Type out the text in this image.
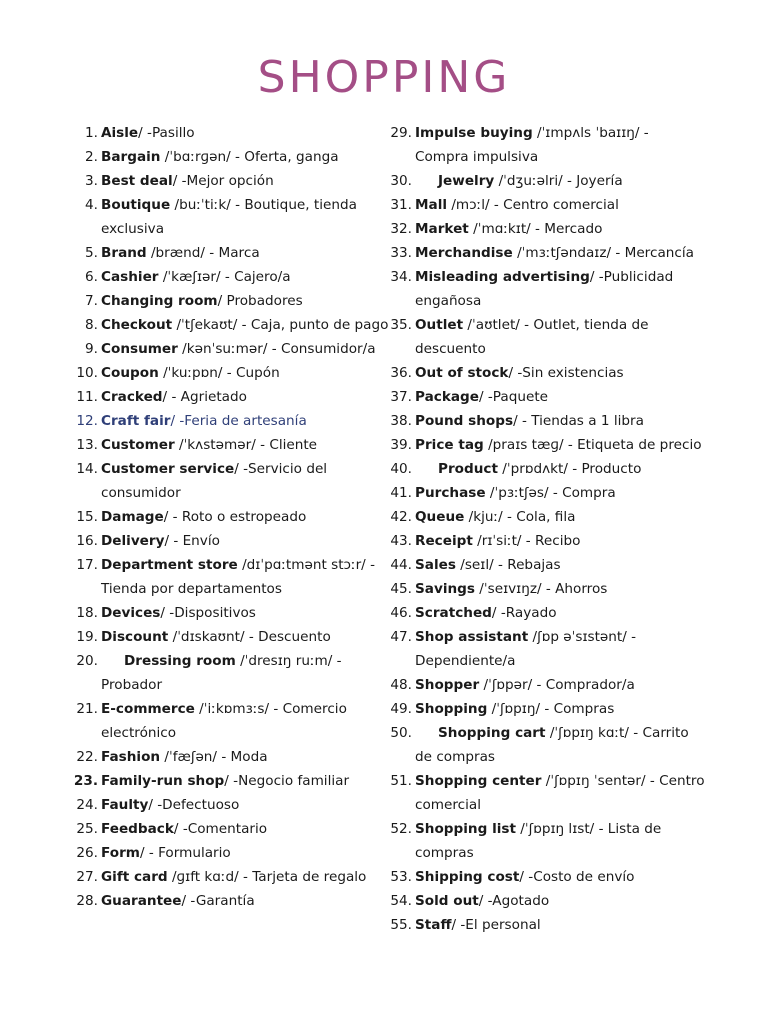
SHOPPING
1. Aisle/ -Pasillo
2. Bargain /ˈbɑːrɡən/ - Oferta, ganga
3. Best deal/ -Mejor opción
4. Boutique /buːˈtiːk/ - Boutique, tienda exclusiva
5. Brand /brænd/ - Marca
6. Cashier /ˈkæʃɪər/ - Cajero/a
7. Changing room/ Probadores
8. Checkout /ˈtʃekaʊt/ - Caja, punto de pago
9. Consumer /kənˈsuːmər/ - Consumidor/a
10. Coupon /ˈkuːpɒn/ - Cupón
11. Cracked/ - Agrietado
12. Craft fair/ -Feria de artesanía
13. Customer /ˈkʌstəmər/ - Cliente
14. Customer service/ -Servicio del consumidor
15. Damage/ - Roto o estropeado
16. Delivery/ - Envío
17. Department store /dɪˈpɑːtmənt stɔːr/ - Tienda por departamentos
18. Devices/ -Dispositivos
19. Discount /ˈdɪskaʊnt/ - Descuento
20.	Dressing room /ˈdresɪŋ ruːm/ - Probador
21. E-commerce /ˈiːkɒmɜːs/ - Comercio electrónico
22. Fashion /ˈfæʃən/ - Moda
23. Family-run shop/ -Negocio familiar
24. Faulty/ -Defectuoso
25. Feedback/ -Comentario
26. Form/ - Formulario
27. Gift card /ɡɪft kɑːd/ - Tarjeta de regalo
28. Guarantee/ -Garantía
29. Impulse buying /ˈɪmpʌls ˈbaɪɪŋ/ - Compra impulsiva
30.	Jewelry /ˈdʒuːəlri/ - Joyería
31. Mall /mɔːl/ - Centro comercial
32. Market /ˈmɑːkɪt/ - Mercado
33. Merchandise /ˈmɜːtʃəndaɪz/ - Mercancía
34. Misleading advertising/ -Publicidad engañosa
35. Outlet /ˈaʊtlet/ - Outlet, tienda de descuento
36. Out of stock/ -Sin existencias
37. Package/ -Paquete
38. Pound shops/ - Tiendas a 1 libra
39. Price tag /praɪs tæɡ/ - Etiqueta de precio
40.	Product /ˈprɒdʌkt/ - Producto
41. Purchase /ˈpɜːtʃəs/ - Compra
42. Queue /kjuː/ - Cola, fila
43. Receipt /rɪˈsiːt/ - Recibo
44. Sales /seɪl/ - Rebajas
45. Savings /ˈseɪvɪŋz/ - Ahorros
46. Scratched/ -Rayado
47. Shop assistant /ʃɒp əˈsɪstənt/ - Dependiente/a
48. Shopper /ˈʃɒpər/ - Comprador/a
49. Shopping /ˈʃɒpɪŋ/ - Compras
50.	Shopping cart /ˈʃɒpɪŋ kɑːt/ - Carrito de compras
51. Shopping center /ˈʃɒpɪŋ ˈsentər/ - Centro comercial
52. Shopping list /ˈʃɒpɪŋ lɪst/ - Lista de compras
53. Shipping cost/ -Costo de envío
54. Sold out/ -Agotado
55. Staff/ -El personal
